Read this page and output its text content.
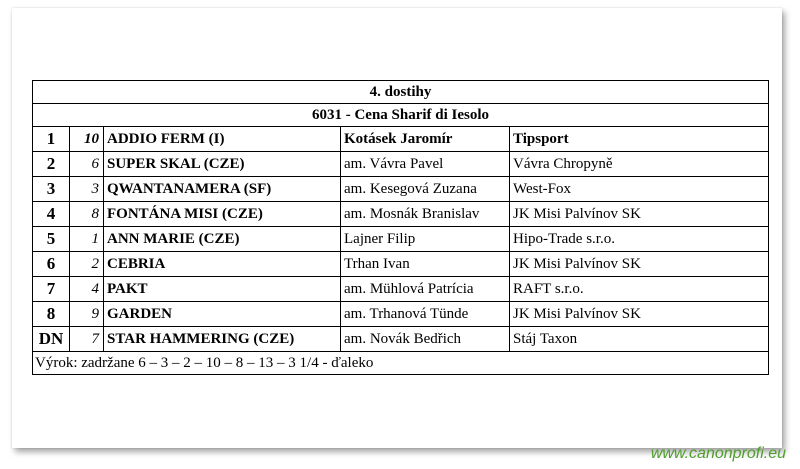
4. dostihy				
6031 - Cena Sharif di Iesolo				
1	10	ADDIO FERM (I)	Kotásek Jaromír	Tipsport
2	6	SUPER SKAL (CZE)	am. Vávra Pavel	Vávra Chropyně
3	3	QWANTANAMERA (SF)	am. Kesegová Zuzana	West-Fox
4	8	FONTÁNA MISI (CZE)	am. Mosnák Branislav	JK Misi Palvínov SK
5	1	ANN MARIE (CZE)	Lajner Filip	Hipo-Trade s.r.o.
6	2	CEBRIA	Trhan Ivan	JK Misi Palvínov SK
7	4	PAKT	am. Mühlová Patrícia	RAFT s.r.o.
8	9	GARDEN	am. Trhanová Tünde	JK Misi Palvínov SK
DN	7	STAR HAMMERING (CZE)	am. Novák Bedřich	Stáj Taxon
Výrok: zadržane 6 – 3 – 2 – 10 – 8 – 13 – 3 1/4 - ďaleko				
www.canonprofi.eu
